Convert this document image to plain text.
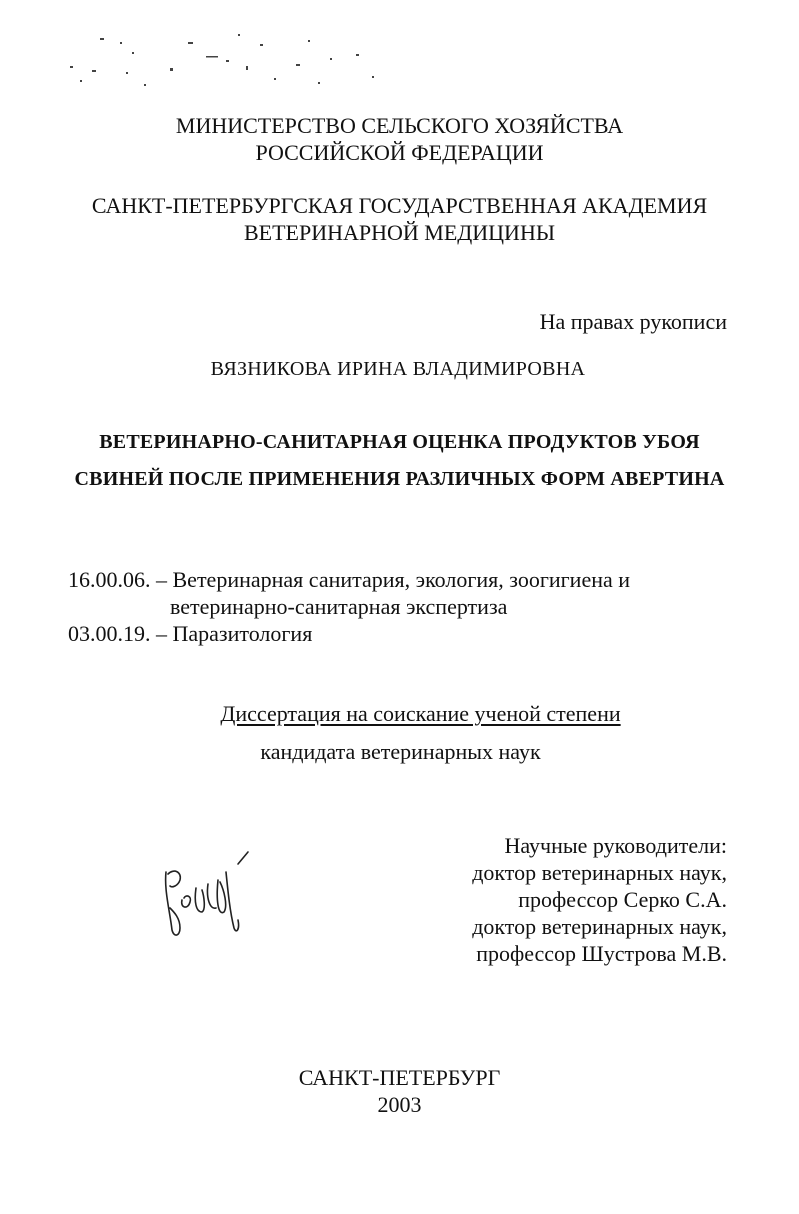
МИНИСТЕРСТВО СЕЛЬСКОГО ХОЗЯЙСТВА
РОССИЙСКОЙ ФЕДЕРАЦИИ
САНКТ-ПЕТЕРБУРГСКАЯ ГОСУДАРСТВЕННАЯ АКАДЕМИЯ
ВЕТЕРИНАРНОЙ МЕДИЦИНЫ
На правах рукописи
ВЯЗНИКОВА ИРИНА ВЛАДИМИРОВНА
ВЕТЕРИНАРНО-САНИТАРНАЯ ОЦЕНКА ПРОДУКТОВ УБОЯ
СВИНЕЙ ПОСЛЕ ПРИМЕНЕНИЯ РАЗЛИЧНЫХ ФОРМ АВЕРТИНА
16.00.06. – Ветеринарная санитария, экология, зоогигиена и
ветеринарно-санитарная экспертиза
03.00.19. – Паразитология
Диссертация на соискание ученой степени
кандидата ветеринарных наук
Научные руководители:
доктор ветеринарных наук,
профессор Серко С.А.
доктор ветеринарных наук,
профессор Шустрова М.В.
САНКТ-ПЕТЕРБУРГ
2003
